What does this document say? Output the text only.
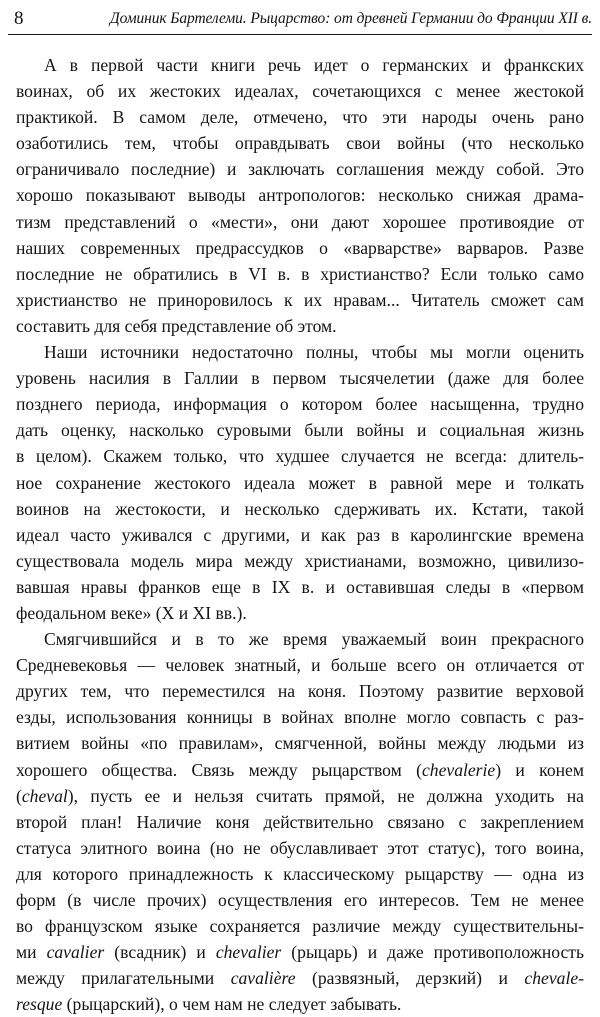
8	Доминик Бартелеми. Рыцарство: от древней Германии до Франции XII в.
А в первой части книги речь идет о германских и франкских
воинах, об их жестоких идеалах, сочетающихся с менее жестокой
практикой. В самом деле, отмечено, что эти народы очень рано
озаботились тем, чтобы оправдывать свои войны (что несколько
ограничивало последние) и заключать соглашения между собой. Это
хорошо показывают выводы антропологов: несколько снижая драма-
тизм представлений о «мести», они дают хорошее противоядие от
наших современных предрассудков о «варварстве» варваров. Разве
последние не обратились в VI в. в христианство? Если только само
христианство не приноровилось к их нравам... Читатель сможет сам
составить для себя представление об этом.
Наши источники недостаточно полны, чтобы мы могли оценить
уровень насилия в Галлии в первом тысячелетии (даже для более
позднего периода, информация о котором более насыщенна, трудно
дать оценку, насколько суровыми были войны и социальная жизнь
в целом). Скажем только, что худшее случается не всегда: длитель-
ное сохранение жестокого идеала может в равной мере и толкать
воинов на жестокости, и несколько сдерживать их. Кстати, такой
идеал часто уживался с другими, и как раз в каролингские времена
существовала модель мира между христианами, возможно, цивилизо-
вавшая нравы франков еще в IX в. и оставившая следы в «первом
феодальном веке» (X и XI вв.).
Смягчившийся и в то же время уважаемый воин прекрасного
Средневековья — человек знатный, и больше всего он отличается от
других тем, что переместился на коня. Поэтому развитие верховой
езды, использования конницы в войнах вполне могло совпасть с раз-
витием войны «по правилам», смягченной, войны между людьми из
хорошего общества. Связь между рыцарством (chevalerie) и конем
(cheval), пусть ее и нельзя считать прямой, не должна уходить на
второй план! Наличие коня действительно связано с закреплением
статуса элитного воина (но не обуславливает этот статус), того воина,
для которого принадлежность к классическому рыцарству — одна из
форм (в числе прочих) осуществления его интересов. Тем не менее
во французском языке сохраняется различие между существительны-
ми cavalier (всадник) и chevalier (рыцарь) и даже противоположность
между прилагательными cavalière (развязный, дерзкий) и chevale-
resque (рыцарский), о чем нам не следует забывать.
